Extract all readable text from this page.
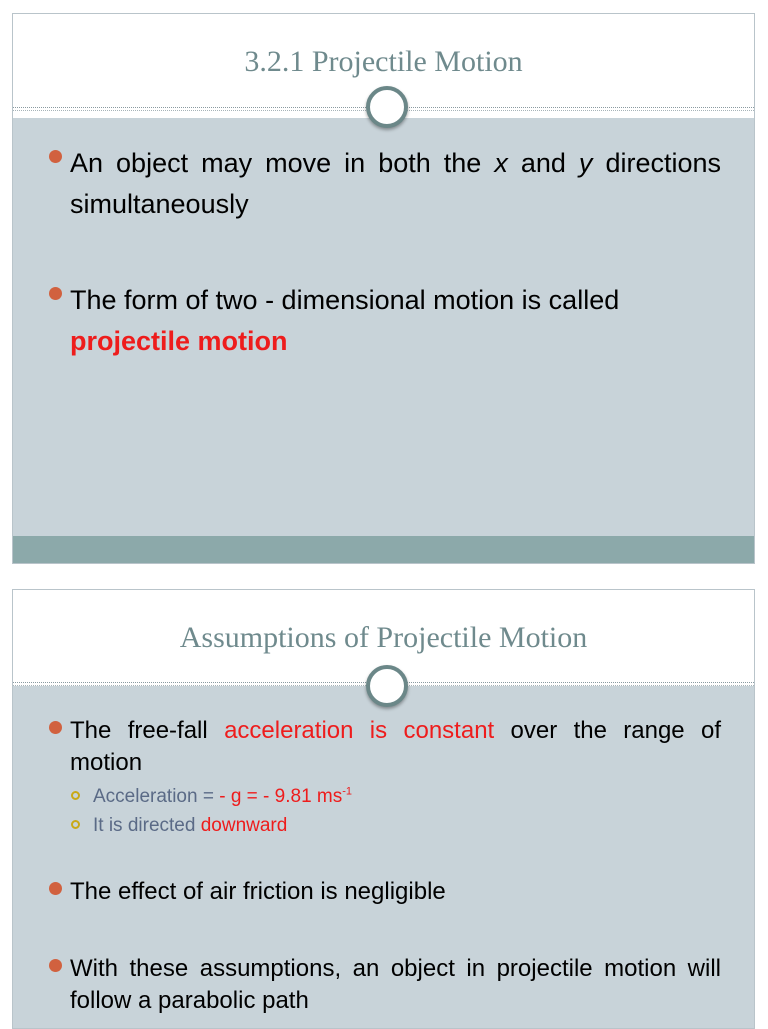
3.2.1 Projectile Motion
An object may move in both the x and y directions simultaneously
The form of two - dimensional motion is called
projectile motion
Assumptions of Projectile Motion
The free-fall acceleration is constant over the range of motion
Acceleration = - g = - 9.81 $ms^{-1}$
It is directed downward
The effect of air friction is negligible
With these assumptions, an object in projectile motion will follow a parabolic path
